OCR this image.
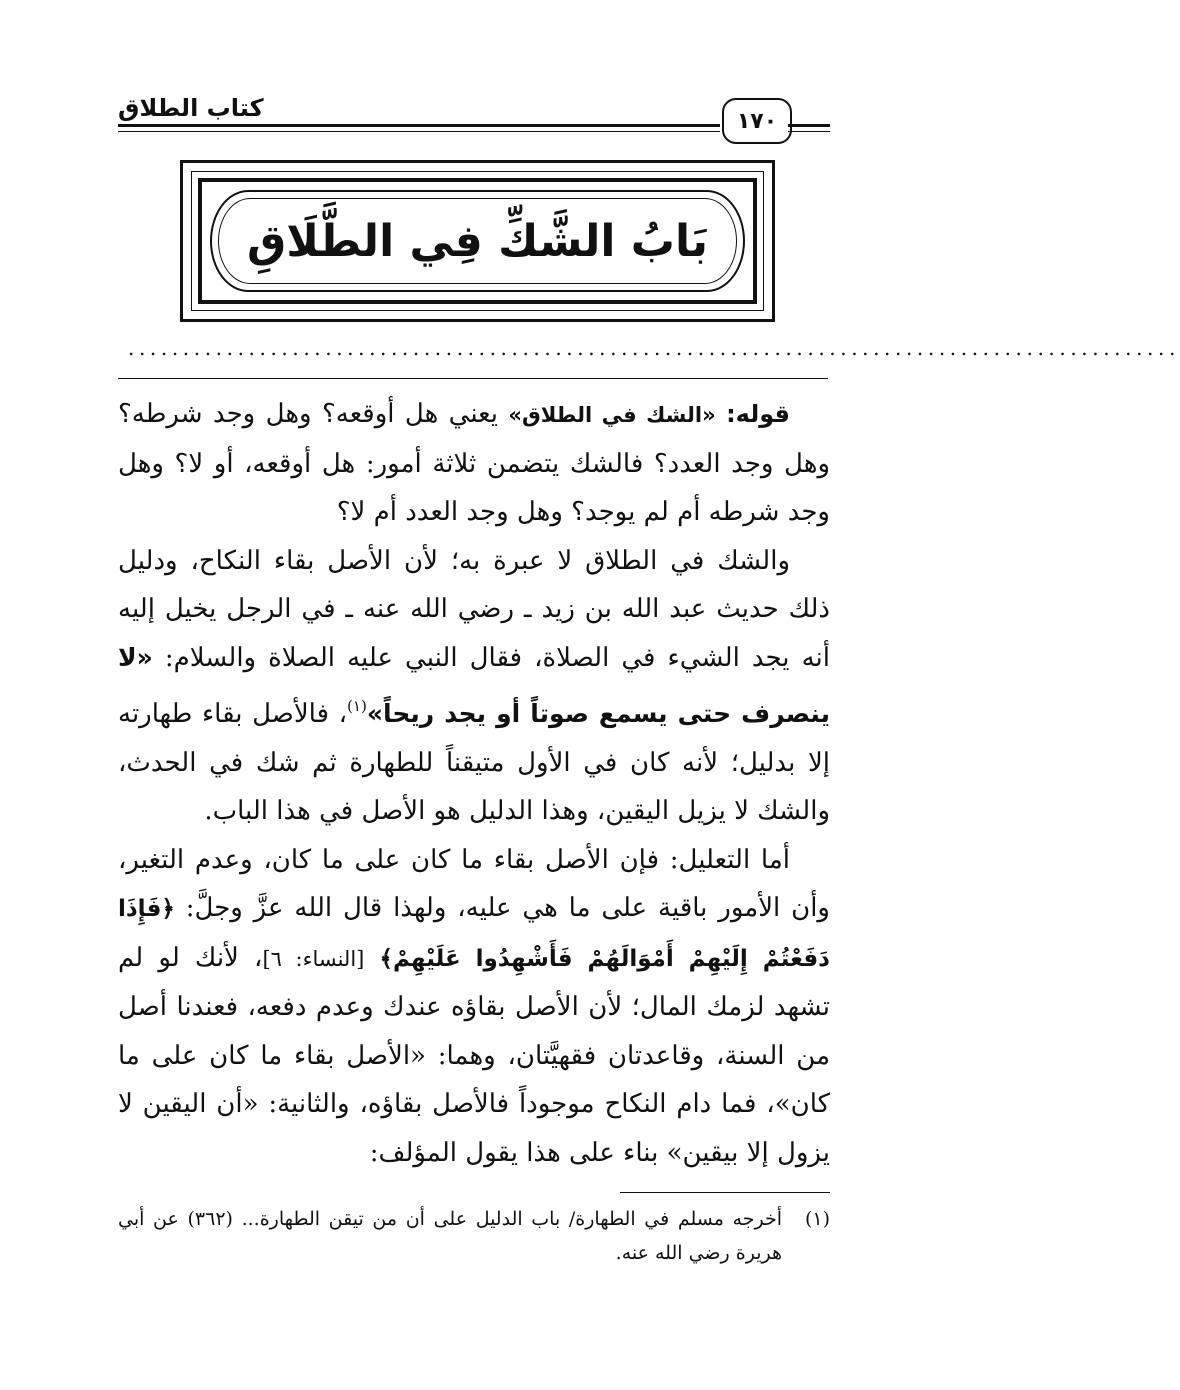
كتاب الطلاق	١٧٠
بَابُ الشَّكِّ فِي الطَّلَاقِ
................................................................................................

قوله: «الشك في الطلاق» يعني هل أوقعه؟ وهل وجد شرطه؟ وهل وجد العدد؟ فالشك يتضمن ثلاثة أمور: هل أوقعه، أو لا؟ وهل وجد شرطه أم لم يوجد؟ وهل وجد العدد أم لا؟

والشك في الطلاق لا عبرة به؛ لأن الأصل بقاء النكاح، ودليل ذلك حديث عبد الله بن زيد ـ رضي الله عنه ـ في الرجل يخيل إليه أنه يجد الشيء في الصلاة، فقال النبي عليه الصلاة والسلام: «لا ينصرف حتى يسمع صوتاً أو يجد ريحاً»$^{(١)}$، فالأصل بقاء طهارته إلا بدليل؛ لأنه كان في الأول متيقناً للطهارة ثم شك في الحدث، والشك لا يزيل اليقين، وهذا الدليل هو الأصل في هذا الباب.

أما التعليل: فإن الأصل بقاء ما كان على ما كان، وعدم التغير، وأن الأمور باقية على ما هي عليه، ولهذا قال الله عزَّ وجلَّ: ﴿فَإِذَا دَفَعْتُمْ إِلَيْهِمْ أَمْوَالَهُمْ فَأَشْهِدُوا عَلَيْهِمْ﴾ [النساء: ٦]، لأنك لو لم تشهد لزمك المال؛ لأن الأصل بقاؤه عندك وعدم دفعه، فعندنا أصل من السنة، وقاعدتان فقهيَّتان، وهما: «الأصل بقاء ما كان على ما كان»، فما دام النكاح موجوداً فالأصل بقاؤه، والثانية: «أن اليقين لا يزول إلا بيقين» بناء على هذا يقول المؤلف:

(١)
أخرجه مسلم في الطهارة/ باب الدليل على أن من تيقن الطهارة... (٣٦٢) عن أبي هريرة رضي الله عنه.
